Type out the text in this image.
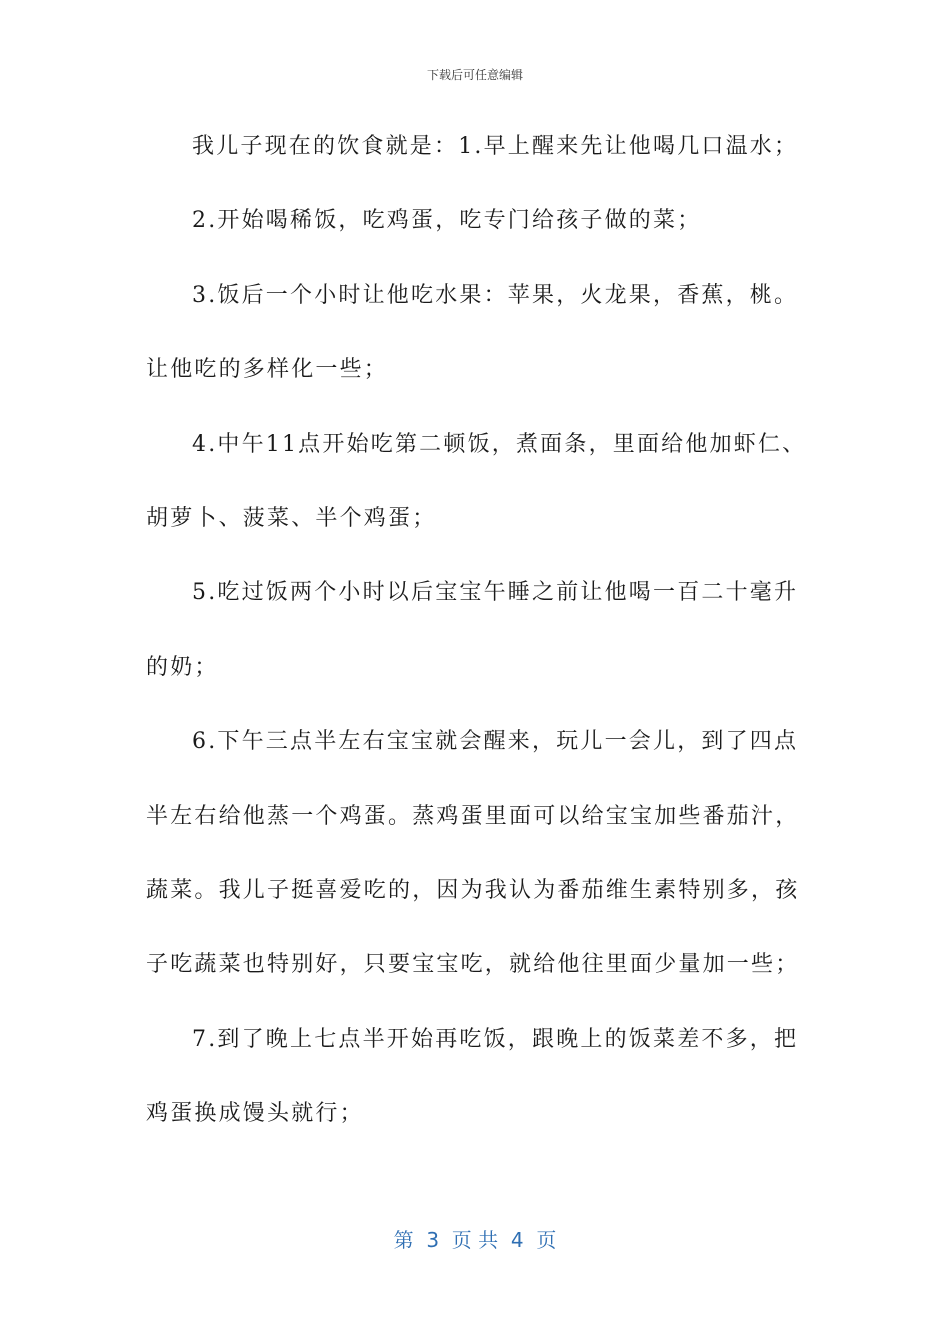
下载后可任意编辑
我儿子现在的饮食就是：1.早上醒来先让他喝几口温水；
2.开始喝稀饭，吃鸡蛋，吃专门给孩子做的菜；
3.饭后一个小时让他吃水果：苹果，火龙果，香蕉，桃。
让他吃的多样化一些；
4.中午11点开始吃第二顿饭，煮面条，里面给他加虾仁、
胡萝卜、菠菜、半个鸡蛋；
5.吃过饭两个小时以后宝宝午睡之前让他喝一百二十毫升
的奶；
6.下午三点半左右宝宝就会醒来，玩儿一会儿，到了四点
半左右给他蒸一个鸡蛋。蒸鸡蛋里面可以给宝宝加些番茄汁，
蔬菜。我儿子挺喜爱吃的，因为我认为番茄维生素特别多，孩
子吃蔬菜也特别好，只要宝宝吃，就给他往里面少量加一些；
7.到了晚上七点半开始再吃饭，跟晚上的饭菜差不多，把
鸡蛋换成馒头就行；
第  3  页 共  4  页
